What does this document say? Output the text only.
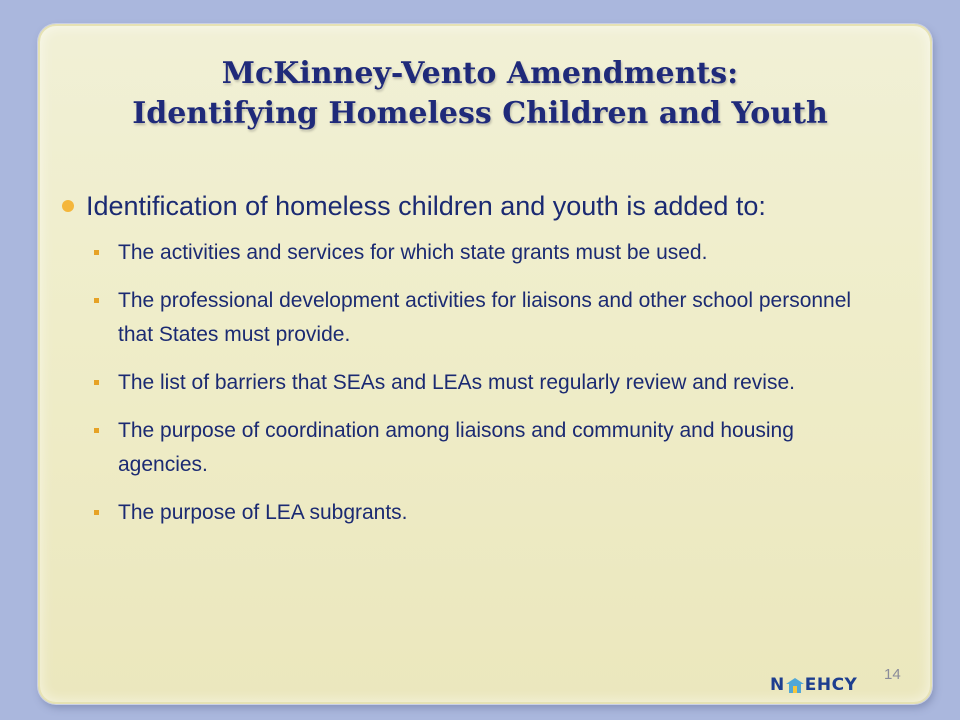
McKinney-Vento Amendments:
Identifying Homeless Children and Youth
Identification of homeless children and youth is added to:
The activities and services for which state grants must be used.
The professional development activities for liaisons and other school personnel that States must provide.
The list of barriers that SEAs and LEAs must regularly review and revise.
The purpose of coordination among liaisons and community and housing agencies.
The purpose of LEA subgrants.
N EHCY
14
